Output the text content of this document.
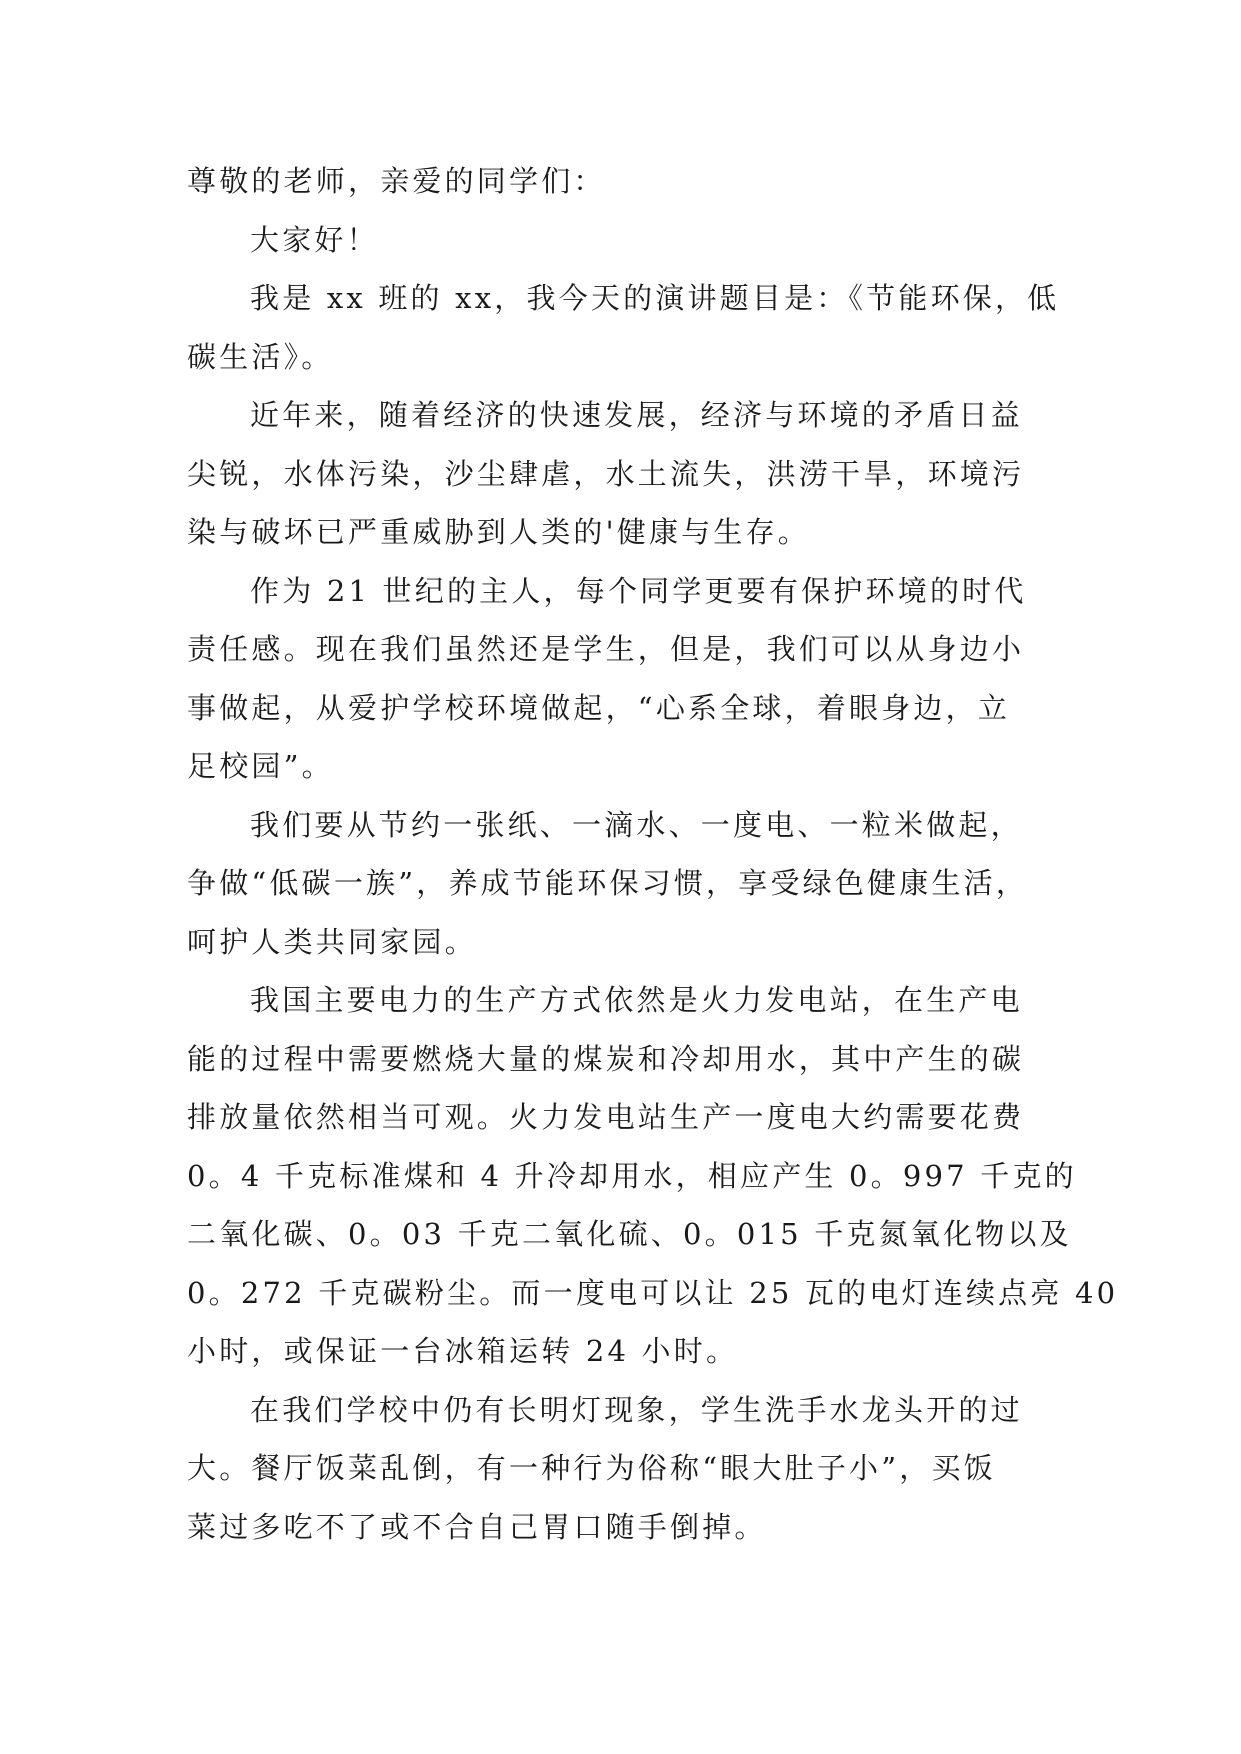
尊敬的老师，亲爱的同学们：
大家好！
我是 xx 班的 xx，我今天的演讲题目是：《节能环保，低
碳生活》。
近年来，随着经济的快速发展，经济与环境的矛盾日益
尖锐，水体污染，沙尘肆虐，水土流失，洪涝干旱，环境污
染与破坏已严重威胁到人类的'健康与生存。
作为 21 世纪的主人，每个同学更要有保护环境的时代
责任感。现在我们虽然还是学生，但是，我们可以从身边小
事做起，从爱护学校环境做起，“心系全球，着眼身边，立
足校园”。
我们要从节约一张纸、一滴水、一度电、一粒米做起，
争做“低碳一族”，养成节能环保习惯，享受绿色健康生活，
呵护人类共同家园。
我国主要电力的生产方式依然是火力发电站，在生产电
能的过程中需要燃烧大量的煤炭和冷却用水，其中产生的碳
排放量依然相当可观。火力发电站生产一度电大约需要花费
0。4 千克标准煤和 4 升冷却用水，相应产生 0。997 千克的
二氧化碳、0。03 千克二氧化硫、0。015 千克氮氧化物以及
0。272 千克碳粉尘。而一度电可以让 25 瓦的电灯连续点亮 40
小时，或保证一台冰箱运转 24 小时。
在我们学校中仍有长明灯现象，学生洗手水龙头开的过
大。餐厅饭菜乱倒，有一种行为俗称“眼大肚子小”，买饭
菜过多吃不了或不合自己胃口随手倒掉。
